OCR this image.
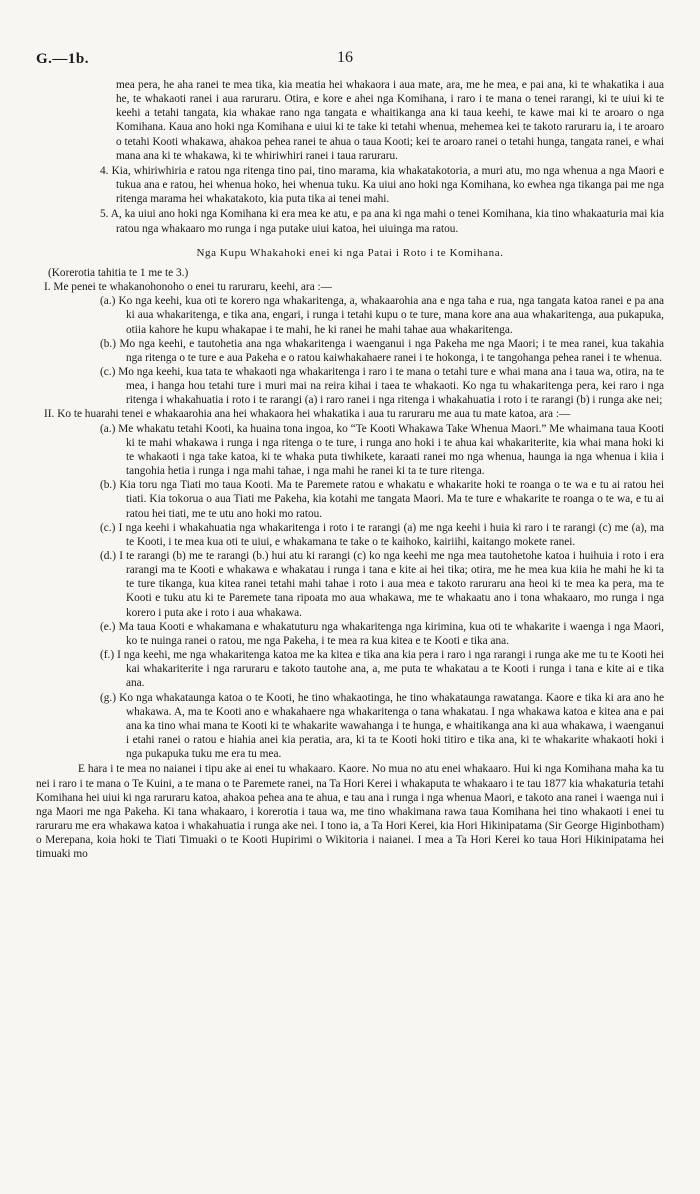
G.—1b.	16

mea pera, he aha ranei te mea tika, kia meatia hei whakaora i aua mate, ara, me he mea, e pai ana, ki te whakatika i aua he, te whakaoti ranei i aua raruraru. Otira, e kore e ahei nga Komihana, i raro i te mana o tenei rarangi, ki te uiui ki te keehi a tetahi tangata, kia whakae rano nga tangata e whaitikanga ana ki taua keehi, te kawe mai ki te aroaro o nga Komihana. Kaua ano hoki nga Komihana e uiui ki te take ki tetahi whenua, mehemea kei te takoto raruraru ia, i te aroaro o tetahi Kooti whakawa, ahakoa pehea ranei te ahua o taua Kooti; kei te aroaro ranei o tetahi hunga, tangata ranei, e whai mana ana ki te whakawa, ki te whiriwhiri ranei i taua raruraru.

4. Kia, whiriwhiria e ratou nga ritenga tino pai, tino marama, kia whakatakotoria, a muri atu, mo nga whenua a nga Maori e tukua ana e ratou, hei whenua hoko, hei whenua tuku. Ka uiui ano hoki nga Komihana, ko ewhea nga tikanga pai me nga ritenga marama hei whakatakoto, kia puta tika ai tenei mahi.

5. A, ka uiui ano hoki nga Komihana ki era mea ke atu, e pa ana ki nga mahi o tenei Komihana, kia tino whakaaturia mai kia ratou nga whakaaro mo runga i nga putake uiui katoa, hei uiuinga ma ratou.

Nga Kupu Whakahoki enei ki nga Patai i Roto i te Komihana.

(Korerotia tahitia te 1 me te 3.)

I. Me penei te whakanohonoho o enei tu raruraru, keehi, ara :—

(a.) Ko nga keehi, kua oti te korero nga whakaritenga, a, whakaarohia ana e nga taha e rua, nga tangata katoa ranei e pa ana ki aua whakaritenga, e tika ana, engari, i runga i tetahi kupu o te ture, mana kore ana aua whakaritenga, aua pukapuka, otiia kahore he kupu whakapae i te mahi, he ki ranei he mahi tahae aua whakaritenga.

(b.) Mo nga keehi, e tautohetia ana nga whakaritenga i waenganui i nga Pakeha me nga Maori; i te mea ranei, kua takahia nga ritenga o te ture e aua Pakeha e o ratou kaiwhakahaere ranei i te hokonga, i te tangohanga pehea ranei i te whenua.

(c.) Mo nga keehi, kua tata te whakaoti nga whakaritenga i raro i te mana o tetahi ture e whai mana ana i taua wa, otira, na te mea, i hanga hou tetahi ture i muri mai na reira kihai i taea te whakaoti. Ko nga tu whakaritenga pera, kei raro i nga ritenga i whakahuatia i roto i te rarangi (a) i raro ranei i nga ritenga i whakahuatia i roto i te rarangi (b) i runga ake nei;

II. Ko te huarahi tenei e whakaarohia ana hei whakaora hei whakatika i aua tu raruraru me aua tu mate katoa, ara :—

(a.) Me whakatu tetahi Kooti, ka huaina tona ingoa, ko “Te Kooti Whakawa Take Whenua Maori.” Me whaimana taua Kooti ki te mahi whakawa i runga i nga ritenga o te ture, i runga ano hoki i te ahua kai whakariterite, kia whai mana hoki ki te whakaoti i nga take katoa, ki te whaka puta tiwhikete, karaati ranei mo nga whenua, haunga ia nga whenua i kiia i tangohia hetia i runga i nga mahi tahae, i nga mahi he ranei ki ta te ture ritenga.

(b.) Kia toru nga Tiati mo taua Kooti. Ma te Paremete ratou e whakatu e whakarite hoki te roanga o te wa e tu ai ratou hei tiati. Kia tokorua o aua Tiati me Pakeha, kia kotahi me tangata Maori. Ma te ture e whakarite te roanga o te wa, e tu ai ratou hei tiati, me te utu ano hoki mo ratou.

(c.) I nga keehi i whakahuatia nga whakaritenga i roto i te rarangi (a) me nga keehi i huia ki raro i te rarangi (c) me (a), ma te Kooti, i te mea kua oti te uiui, e whakamana te take o te kaihoko, kairiihi, kaitango mokete ranei.

(d.) I te rarangi (b) me te rarangi (b.) hui atu ki rarangi (c) ko nga keehi me nga mea tautohetohe katoa i huihuia i roto i era rarangi ma te Kooti e whakawa e whakatau i runga i tana e kite ai hei tika; otira, me he mea kua kiia he mahi he ki ta te ture tikanga, kua kitea ranei tetahi mahi tahae i roto i aua mea e takoto raruraru ana heoi ki te mea ka pera, ma te Kooti e tuku atu ki te Paremete tana ripoata mo aua whakawa, me te whakaatu ano i tona whakaaro, mo runga i nga korero i puta ake i roto i aua whakawa.

(e.) Ma taua Kooti e whakamana e whakatuturu nga whakaritenga nga kirimina, kua oti te whakarite i waenga i nga Maori, ko te nuinga ranei o ratou, me nga Pakeha, i te mea ra kua kitea e te Kooti e tika ana.

(f.) I nga keehi, me nga whakaritenga katoa me ka kitea e tika ana kia pera i raro i nga rarangi i runga ake me tu te Kooti hei kai whakariterite i nga raruraru e takoto tautohe ana, a, me puta te whakatau a te Kooti i runga i tana e kite ai e tika ana.

(g.) Ko nga whakataunga katoa o te Kooti, he tino whakaotinga, he tino whakataunga rawatanga. Kaore e tika ki ara ano he whakawa. A, ma te Kooti ano e whakahaere nga whakaritenga o tana whakatau. I nga whakawa katoa e kitea ana e pai ana ka tino whai mana te Kooti ki te whakarite wawahanga i te hunga, e whaitikanga ana ki aua whakawa, i waenganui i etahi ranei o ratou e hiahia anei kia peratia, ara, ki ta te Kooti hoki titiro e tika ana, ki te whakarite whakaoti hoki i nga pukapuka tuku me era tu mea.

E hara i te mea no naianei i tipu ake ai enei tu whakaaro. Kaore. No mua no atu enei whakaaro. Hui ki nga Komihana maha ka tu nei i raro i te mana o Te Kuini, a te mana o te Paremete ranei, na Ta Hori Kerei i whakaputa te whakaaro i te tau 1877 kia whakaturia tetahi Komihana hei uiui ki nga raruraru katoa, ahakoa pehea ana te ahua, e tau ana i runga i nga whenua Maori, e takoto ana ranei i waenga nui i nga Maori me nga Pakeha. Ki tana whakaaro, i korerotia i taua wa, me tino whakimana rawa taua Komihana hei tino whakaoti i enei tu raruraru me era whakawa katoa i whakahuatia i runga ake nei. I tono ia, a Ta Hori Kerei, kia Hori Hikinipatama (Sir George Higinbotham) o Merepana, koia hoki te Tiati Timuaki o te Kooti Hupirimi o Wikitoria i naianei. I mea a Ta Hori Kerei ko taua Hori Hikinipatama hei timuaki mo
